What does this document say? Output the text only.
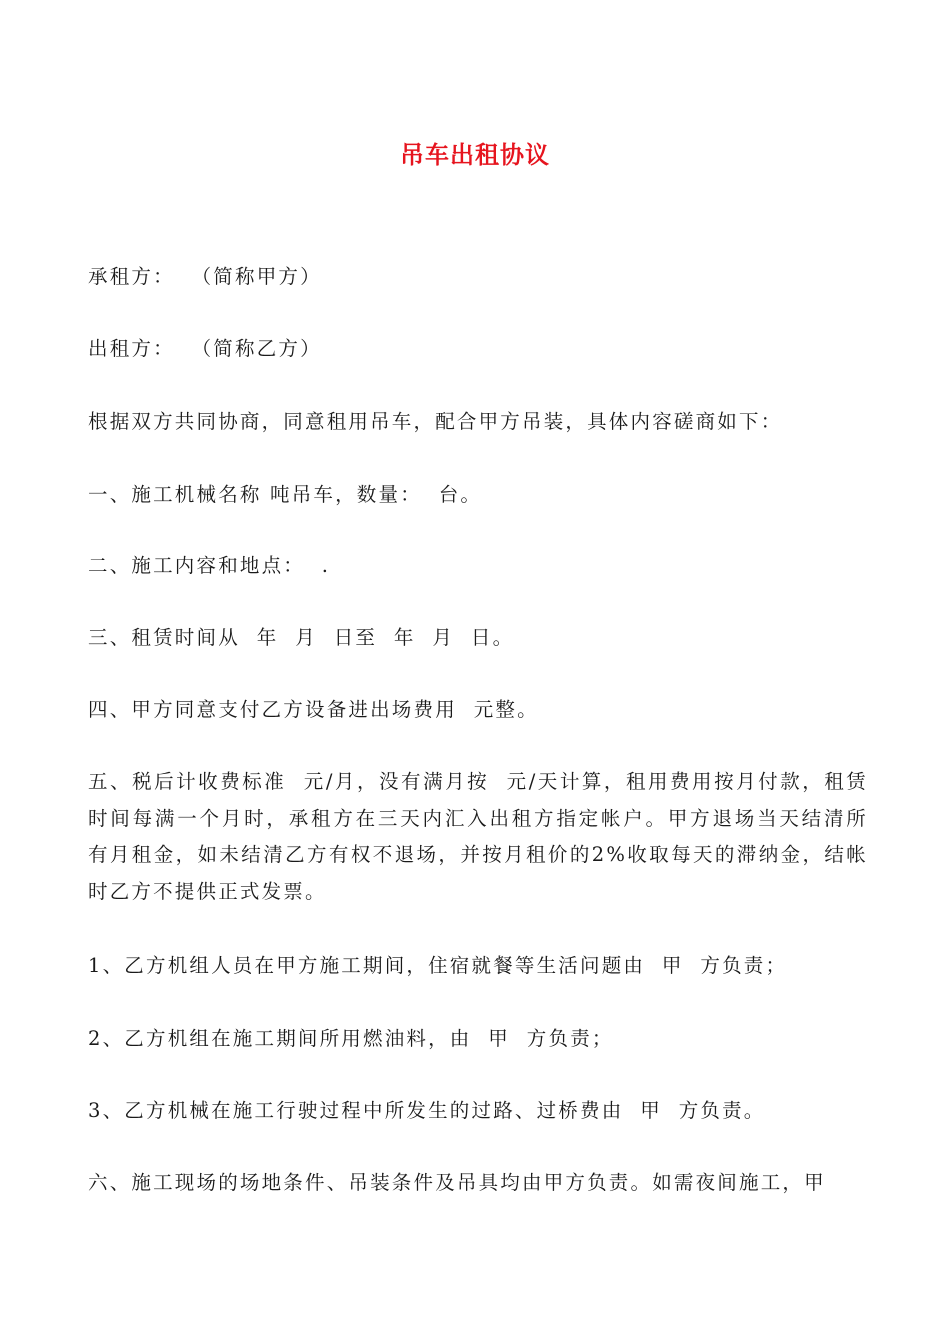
吊车出租协议
承租方：  （简称甲方）
出租方：  （简称乙方）
根据双方共同协商，同意租用吊车，配合甲方吊装，具体内容磋商如下：
一、施工机械名称 吨吊车，数量：  台。
二、施工内容和地点：  .
三、租赁时间从  年  月  日至  年  月  日。
四、甲方同意支付乙方设备进出场费用  元整。
五、税后计收费标准  元/月，没有满月按  元/天计算，租用费用按月付款，租赁时间每满一个月时，承租方在三天内汇入出租方指定帐户。甲方退场当天结清所有月租金，如未结清乙方有权不退场，并按月租价的2%收取每天的滞纳金，结帐时乙方不提供正式发票。
1、乙方机组人员在甲方施工期间，住宿就餐等生活问题由  甲  方负责；
2、乙方机组在施工期间所用燃油料，由  甲  方负责；
3、乙方机械在施工行驶过程中所发生的过路、过桥费由  甲  方负责。
六、施工现场的场地条件、吊装条件及吊具均由甲方负责。如需夜间施工，甲
